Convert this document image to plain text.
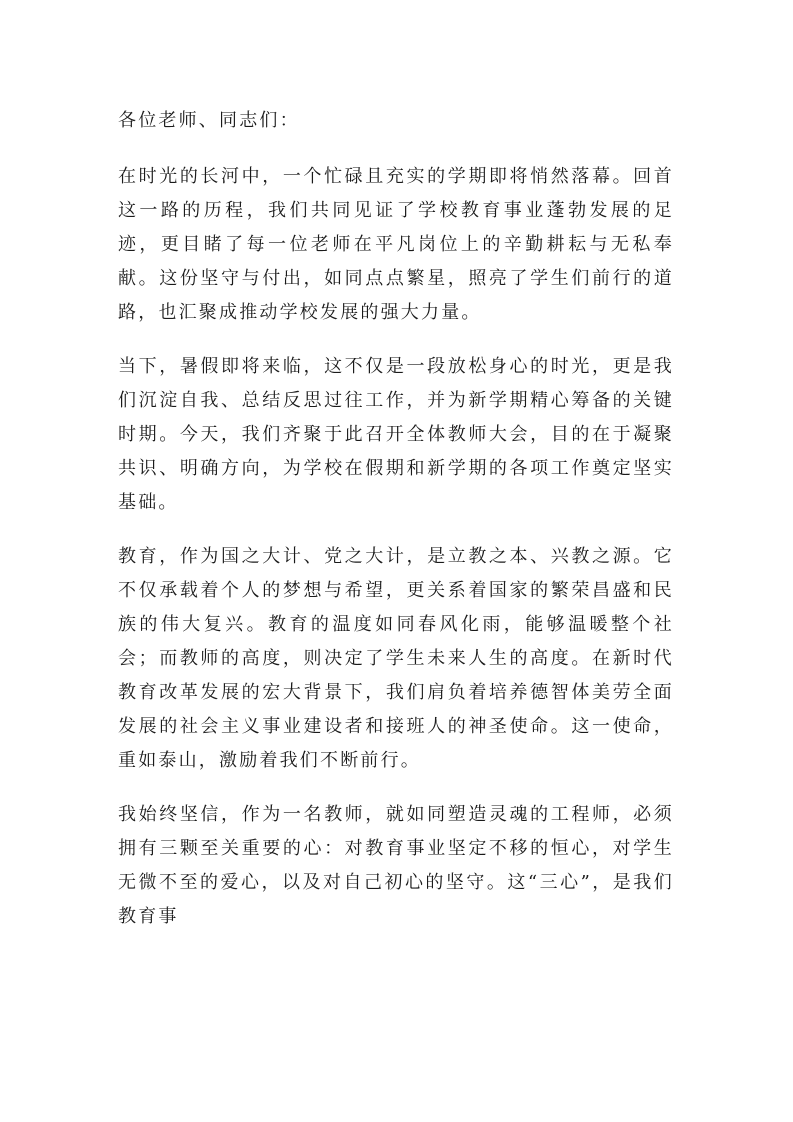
各位老师、同志们：

在时光的长河中，一个忙碌且充实的学期即将悄然落幕。回首这一路的历程，我们共同见证了学校教育事业蓬勃发展的足迹，更目睹了每一位老师在平凡岗位上的辛勤耕耘与无私奉献。这份坚守与付出，如同点点繁星，照亮了学生们前行的道路，也汇聚成推动学校发展的强大力量。

当下，暑假即将来临，这不仅是一段放松身心的时光，更是我们沉淀自我、总结反思过往工作，并为新学期精心筹备的关键时期。今天，我们齐聚于此召开全体教师大会，目的在于凝聚共识、明确方向，为学校在假期和新学期的各项工作奠定坚实基础。

教育，作为国之大计、党之大计，是立教之本、兴教之源。它不仅承载着个人的梦想与希望，更关系着国家的繁荣昌盛和民族的伟大复兴。教育的温度如同春风化雨，能够温暖整个社会；而教师的高度，则决定了学生未来人生的高度。在新时代教育改革发展的宏大背景下，我们肩负着培养德智体美劳全面发展的社会主义事业建设者和接班人的神圣使命。这一使命，重如泰山，激励着我们不断前行。

我始终坚信，作为一名教师，就如同塑造灵魂的工程师，必须拥有三颗至关重要的心：对教育事业坚定不移的恒心，对学生无微不至的爱心，以及对自己初心的坚守。这“三心”，是我们教育事
